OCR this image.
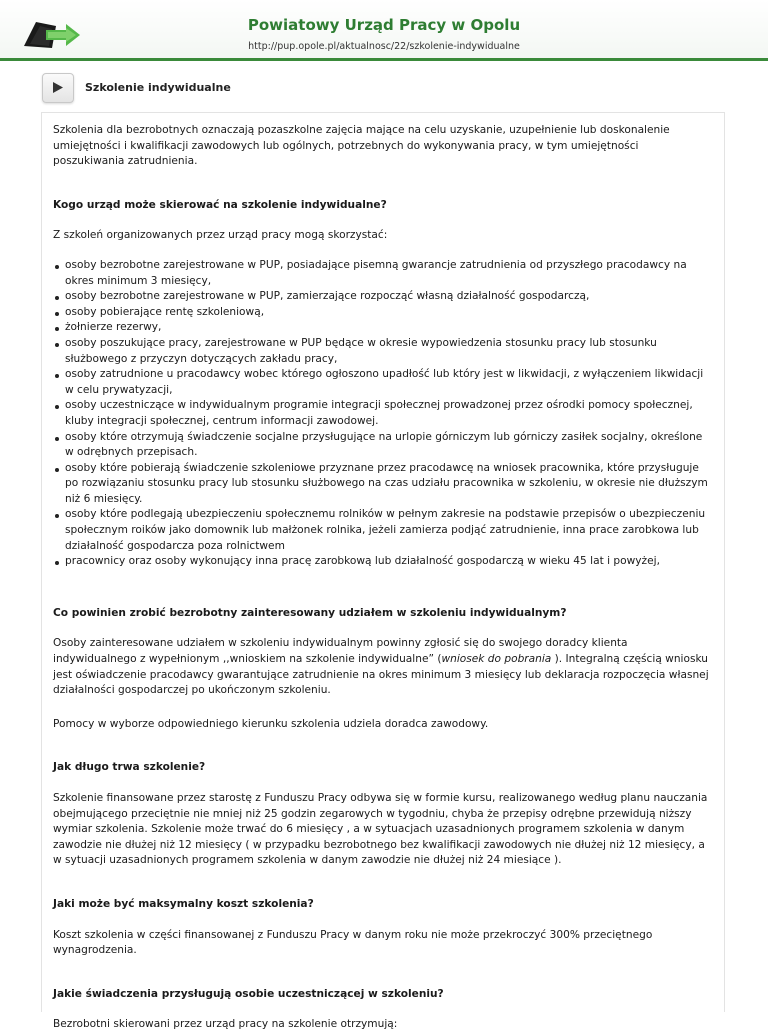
Powiatowy Urząd Pracy w Opolu
http://pup.opole.pl/aktualnosc/22/szkolenie-indywidualne
Szkolenie indywidualne

Szkolenia dla bezrobotnych oznaczają pozaszkolne zajęcia mające na celu uzyskanie, uzupełnienie lub doskonalenie umiejętności i kwalifikacji zawodowych lub ogólnych, potrzebnych do wykonywania pracy, w tym umiejętności poszukiwania zatrudnienia.

Kogo urząd może skierować na szkolenie indywidualne?

Z szkoleń organizowanych przez urząd pracy mogą skorzystać:

osoby bezrobotne zarejestrowane w PUP, posiadające pisemną gwarancje zatrudnienia od przyszłego pracodawcy na okres minimum 3 miesięcy,
osoby bezrobotne zarejestrowane w PUP, zamierzające rozpocząć własną działalność gospodarczą,
osoby pobierające rentę szkoleniową,
żołnierze rezerwy,
osoby poszukujące pracy, zarejestrowane w PUP będące w okresie wypowiedzenia stosunku pracy lub stosunku służbowego z przyczyn dotyczących zakładu pracy,
osoby zatrudnione u pracodawcy wobec którego ogłoszono upadłość lub który jest w likwidacji, z wyłączeniem likwidacji w celu prywatyzacji,
osoby uczestniczące w indywidualnym programie integracji społecznej prowadzonej przez ośrodki pomocy społecznej, kluby integracji społecznej, centrum informacji zawodowej.
osoby które otrzymują świadczenie socjalne przysługujące na urlopie górniczym lub górniczy zasiłek socjalny, określone w odrębnych przepisach.
osoby które pobierają świadczenie szkoleniowe przyznane przez pracodawcę na wniosek pracownika, które przysługuje po rozwiązaniu stosunku pracy lub stosunku służbowego na czas udziału pracownika w szkoleniu, w okresie nie dłuższym niż 6 miesięcy.
osoby które podlegają ubezpieczeniu społecznemu rolników w pełnym zakresie na podstawie przepisów o ubezpieczeniu społecznym roików jako domownik lub małżonek rolnika, jeżeli zamierza podjąć zatrudnienie, inna prace zarobkowa lub działalność gospodarcza poza rolnictwem
pracownicy oraz osoby wykonujący inna pracę zarobkową lub działalność gospodarczą w wieku 45 lat i powyżej,
Co powinien zrobić bezrobotny zainteresowany udziałem w szkoleniu indywidualnym?

Osoby zainteresowane udziałem w szkoleniu indywidualnym powinny zgłosić się do swojego doradcy klienta indywidualnego z wypełnionym ,,wnioskiem na szkolenie indywidualne” (wniosek do pobrania ). Integralną częścią wniosku jest oświadczenie pracodawcy gwarantujące zatrudnienie na okres minimum 3 miesięcy lub deklaracja rozpoczęcia własnej działalności gospodarczej po ukończonym szkoleniu.

Pomocy w wyborze odpowiedniego kierunku szkolenia udziela doradca zawodowy.

Jak długo trwa szkolenie?

Szkolenie finansowane przez starostę z Funduszu Pracy odbywa się w formie kursu, realizowanego według planu nauczania obejmującego przeciętnie nie mniej niż 25 godzin zegarowych w tygodniu, chyba że przepisy odrębne przewidują niższy wymiar szkolenia. Szkolenie może trwać do 6 miesięcy , a w sytuacjach uzasadnionych programem szkolenia w danym zawodzie nie dłużej niż 12 miesięcy ( w przypadku bezrobotnego bez kwalifikacji zawodowych nie dłużej niż 12 miesięcy, a w sytuacji uzasadnionych programem szkolenia w danym zawodzie nie dłużej niż 24 miesiące ).

Jaki może być maksymalny koszt szkolenia?

Koszt szkolenia w części finansowanej z Funduszu Pracy w danym roku nie może przekroczyć 300% przeciętnego wynagrodzenia.

Jakie świadczenia przysługują osobie uczestniczącej w szkoleniu?

Bezrobotni skierowani przez urząd pracy na szkolenie otrzymują:
